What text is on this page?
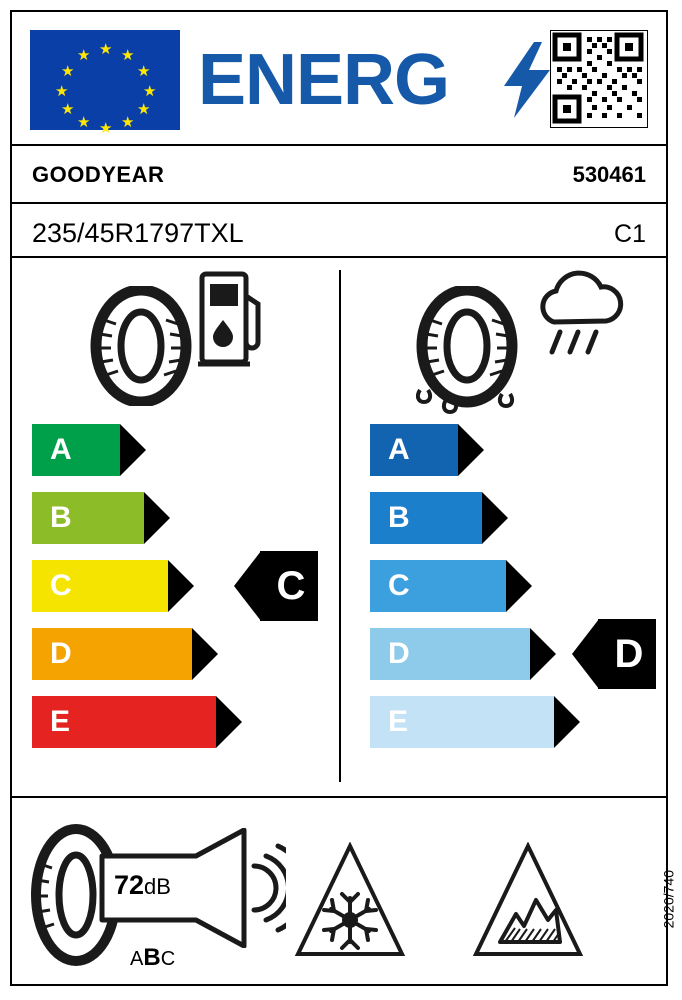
★
★ ★
★	★
★	★
★	★
★ ★
★
ENERG
GOODYEAR	530461
235/45R1797TXL	C1
A
B
C
D
E
C
A
B
C
D
E
D
72dB
ABC
2020/740
